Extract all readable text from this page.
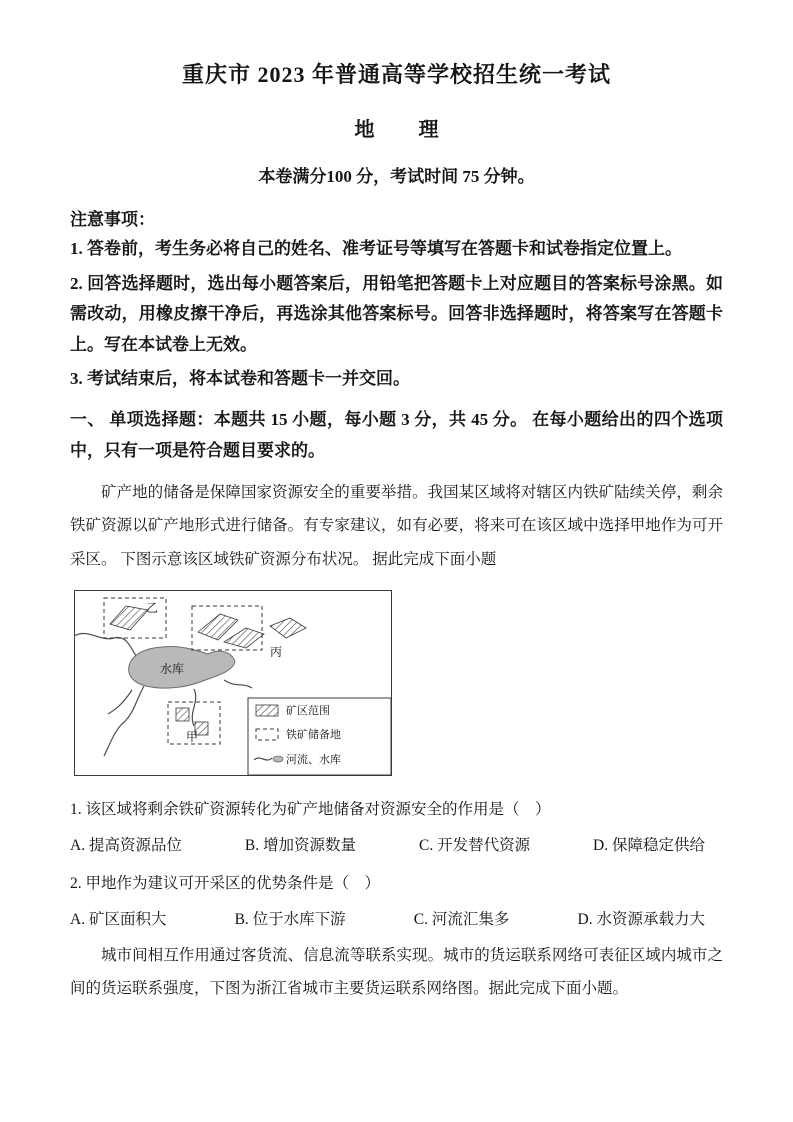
重庆市 2023 年普通高等学校招生统一考试
地　理
本卷满分100 分，考试时间 75 分钟。
注意事项：
1. 答卷前，考生务必将自己的姓名、准考证号等填写在答题卡和试卷指定位置上。
2. 回答选择题时，选出每小题答案后，用铅笔把答题卡上对应题目的答案标号涂黑。如需改动，用橡皮擦干净后，再选涂其他答案标号。回答非选择题时，将答案写在答题卡上。写在本试卷上无效。
3. 考试结束后，将本试卷和答题卡一并交回。
一、 单项选择题：本题共 15 小题，每小题 3 分，共 45 分。 在每小题给出的四个选项中，只有一项是符合题目要求的。
矿产地的储备是保障国家资源安全的重要举措。我国某区域将对辖区内铁矿陆续关停，剩余铁矿资源以矿产地形式进行储备。有专家建议，如有必要，将来可在该区域中选择甲地作为可开采区。 下图示意该区域铁矿资源分布状况。 据此完成下面小题
水库
乙
丙
甲
矿区范围
铁矿储备地
河流、水库
1. 该区域将剩余铁矿资源转化为矿产地储备对资源安全的作用是（　）
A. 提高资源品位	B. 增加资源数量	C. 开发替代资源	D. 保障稳定供给
2. 甲地作为建议可开采区的优势条件是（　）
A. 矿区面积大	B. 位于水库下游	C. 河流汇集多	D. 水资源承载力大
城市间相互作用通过客货流、信息流等联系实现。城市的货运联系网络可表征区域内城市之间的货运联系强度，下图为浙江省城市主要货运联系网络图。据此完成下面小题。
